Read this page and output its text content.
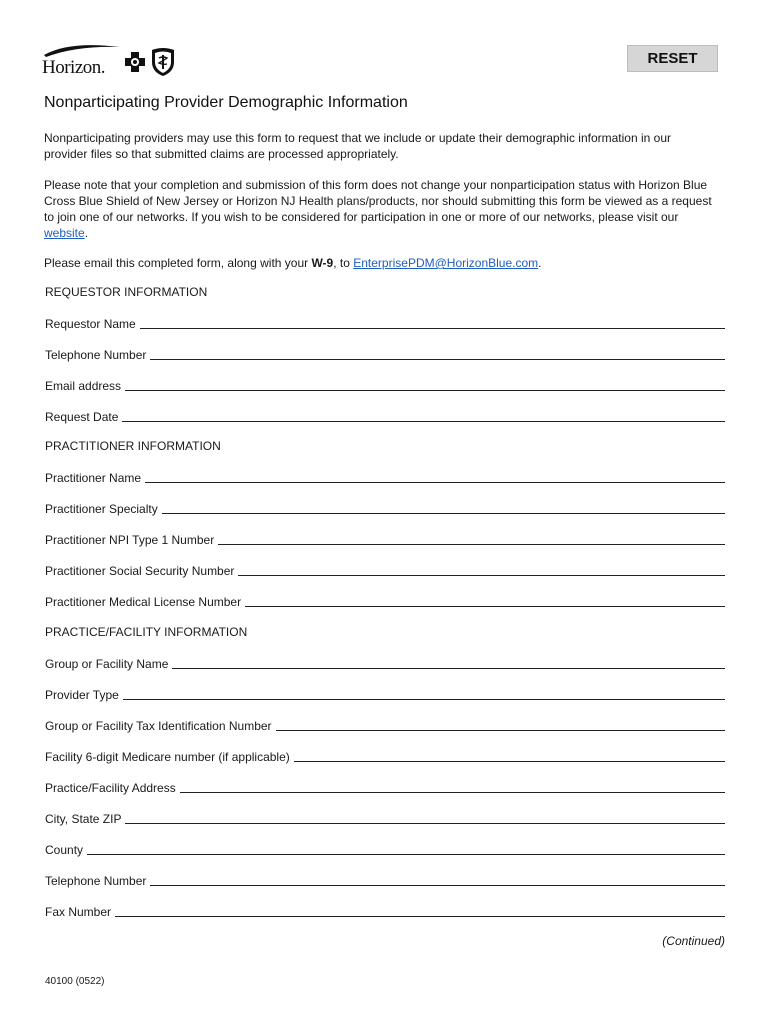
Horizon.	RESET
Nonparticipating Provider Demographic Information
Nonparticipating providers may use this form to request that we include or update their demographic information in our provider files so that submitted claims are processed appropriately.
Please note that your completion and submission of this form does not change your nonparticipation status with Horizon Blue Cross Blue Shield of New Jersey or Horizon NJ Health plans/products, nor should submitting this form be viewed as a request to join one of our networks. If you wish to be considered for participation in one or more of our networks, please visit our website.
Please email this completed form, along with your W-9, to EnterprisePDM@HorizonBlue.com.
REQUESTOR INFORMATION
Requestor Name
Telephone Number
Email address
Request Date
PRACTITIONER INFORMATION
Practitioner Name
Practitioner Specialty
Practitioner NPI Type 1 Number
Practitioner Social Security Number
Practitioner Medical License Number
PRACTICE/FACILITY INFORMATION
Group or Facility Name
Provider Type
Group or Facility Tax Identification Number
Facility 6-digit Medicare number (if applicable)
Practice/Facility Address
City, State ZIP
County
Telephone Number
Fax Number
(Continued)
40100 (0522)
